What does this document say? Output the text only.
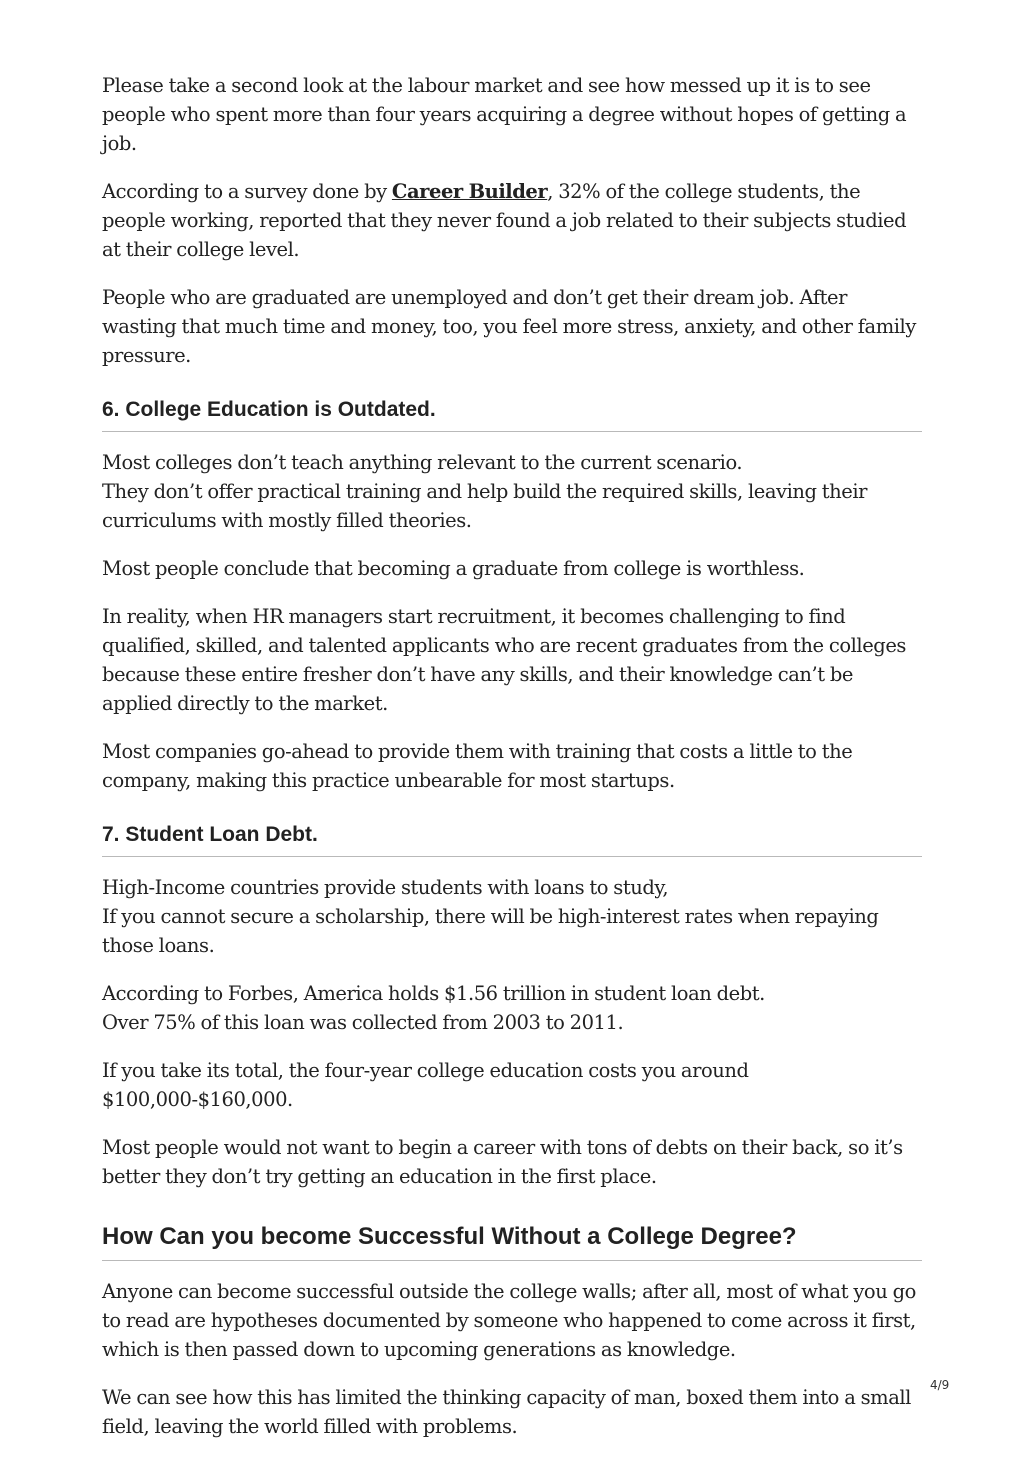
Please take a second look at the labour market and see how messed up it is to see people who spent more than four years acquiring a degree without hopes of getting a job.

According to a survey done by Career Builder, 32% of the college students, the people working, reported that they never found a job related to their subjects studied at their college level.

People who are graduated are unemployed and don’t get their dream job. After wasting that much time and money, too, you feel more stress, anxiety, and other family pressure.

6. College Education is Outdated.

Most colleges don’t teach anything relevant to the current scenario.
They don’t offer practical training and help build the required skills, leaving their curriculums with mostly filled theories.

Most people conclude that becoming a graduate from college is worthless.

In reality, when HR managers start recruitment, it becomes challenging to find qualified, skilled, and talented applicants who are recent graduates from the colleges because these entire fresher don’t have any skills, and their knowledge can’t be applied directly to the market.

Most companies go-ahead to provide them with training that costs a little to the company, making this practice unbearable for most startups.

7. Student Loan Debt.

High-Income countries provide students with loans to study,
If you cannot secure a scholarship, there will be high-interest rates when repaying those loans.

According to Forbes, America holds $1.56 trillion in student loan debt.
Over 75% of this loan was collected from 2003 to 2011.

If you take its total, the four-year college education costs you around $100,000-$160,000.

Most people would not want to begin a career with tons of debts on their back, so it’s better they don’t try getting an education in the first place.

How Can you become Successful Without a College Degree?

Anyone can become successful outside the college walls; after all, most of what you go to read are hypotheses documented by someone who happened to come across it first, which is then passed down to upcoming generations as knowledge.

We can see how this has limited the thinking capacity of man, boxed them into a small field, leaving the world filled with problems.

4/9
